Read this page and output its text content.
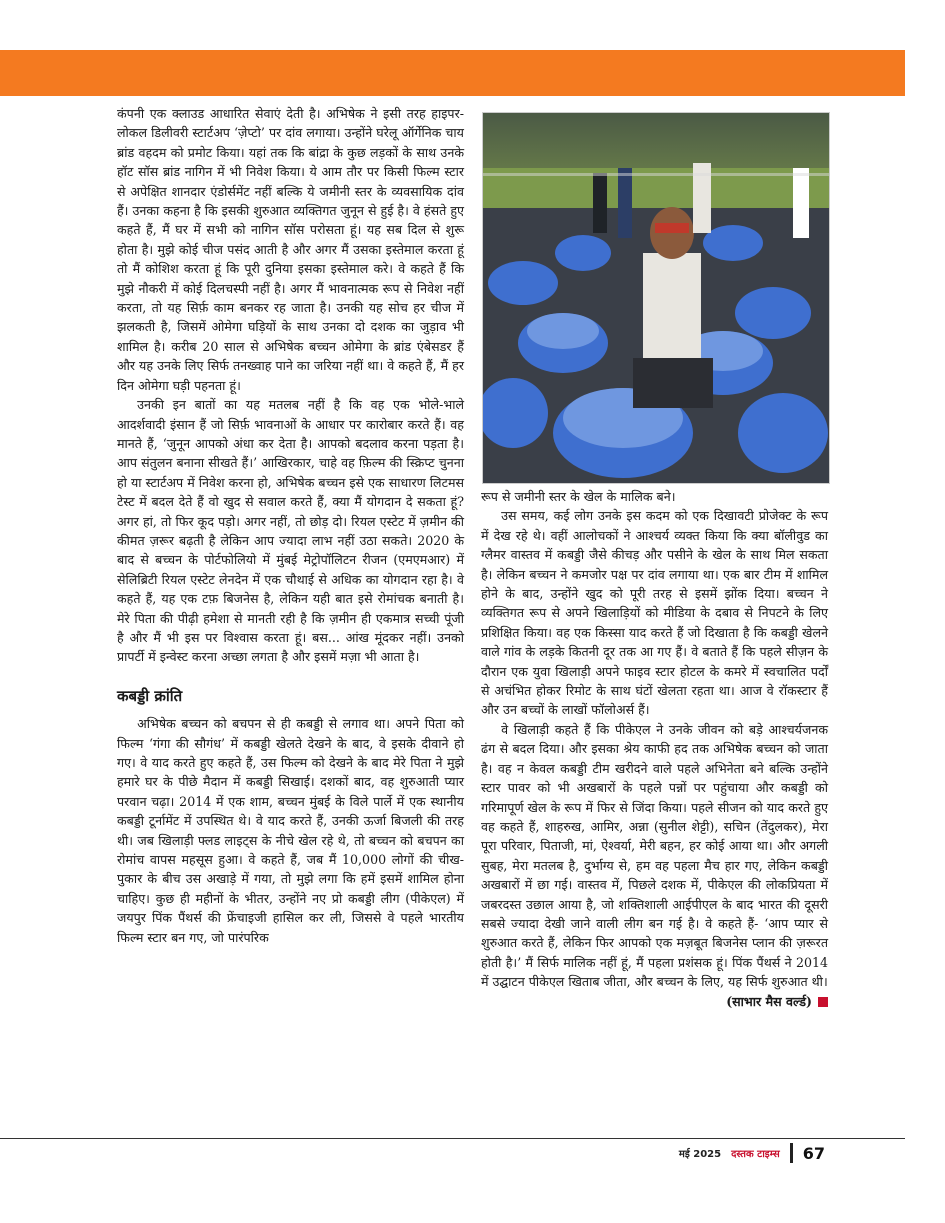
कंपनी एक क्लाउड आधारित सेवाएं देती है। अभिषेक ने इसी तरह हाइपर-लोकल डिलीवरी स्टार्टअप ‘ज़ेप्टो’ पर दांव लगाया। उन्होंने घरेलू ऑर्गेनिक चाय ब्रांड वहदम को प्रमोट किया। यहां तक कि बांद्रा के कुछ लड़कों के साथ उनके हॉट सॉस ब्रांड नागिन में भी निवेश किया। ये आम तौर पर किसी फिल्म स्टार से अपेक्षित शानदार एंडोर्समेंट नहीं बल्कि ये जमीनी स्तर के व्यवसायिक दांव हैं। उनका कहना है कि इसकी शुरुआत व्यक्तिगत जुनून से हुई है। वे हंसते हुए कहते हैं, मैं घर में सभी को नागिन सॉस परोसता हूं। यह सब दिल से शुरू होता है। मुझे कोई चीज पसंद आती है और अगर मैं उसका इस्तेमाल करता हूं तो मैं कोशिश करता हूं कि पूरी दुनिया इसका इस्तेमाल करे। वे कहते हैं कि मुझे नौकरी में कोई दिलचस्पी नहीं है। अगर मैं भावनात्मक रूप से निवेश नहीं करता, तो यह सिर्फ़ काम बनकर रह जाता है। उनकी यह सोच हर चीज में झलकती है, जिसमें ओमेगा घड़ियों के साथ उनका दो दशक का जुड़ाव भी शामिल है। करीब 20 साल से अभिषेक बच्चन ओमेगा के ब्रांड एंबेसडर हैं और यह उनके लिए सिर्फ तनख्वाह पाने का जरिया नहीं था। वे कहते हैं, मैं हर दिन ओमेगा घड़ी पहनता हूं।

उनकी इन बातों का यह मतलब नहीं है कि वह एक भोले-भाले आदर्शवादी इंसान हैं जो सिर्फ़ भावनाओं के आधार पर कारोबार करते हैं। वह मानते हैं, ‘जुनून आपको अंधा कर देता है। आपको बदलाव करना पड़ता है। आप संतुलन बनाना सीखते हैं।’ आखिरकार, चाहे वह फ़िल्म की स्क्रिप्ट चुनना हो या स्टार्टअप में निवेश करना हो, अभिषेक बच्चन इसे एक साधारण लिटमस टेस्ट में बदल देते हैं वो खुद से सवाल करते हैं, क्या मैं योगदान दे सकता हूं? अगर हां, तो फिर कूद पड़ो। अगर नहीं, तो छोड़ दो। रियल एस्टेट में ज़मीन की कीमत ज़रूर बढ़ती है लेकिन आप ज्यादा लाभ नहीं उठा सकते। 2020 के बाद से बच्चन के पोर्टफोलियो में मुंबई मेट्रोपॉलिटन रीजन (एमएमआर) में सेलिब्रिटी रियल एस्टेट लेनदेन में एक चौथाई से अधिक का योगदान रहा है। वे कहते हैं, यह एक टफ़ बिजनेस है, लेकिन यही बात इसे रोमांचक बनाती है। मेरे पिता की पीढ़ी हमेशा से मानती रही है कि ज़मीन ही एकमात्र सच्ची पूंजी है और मैं भी इस पर विश्वास करता हूं। बस... आंख मूंदकर नहीं। उनको प्रापर्टी में इन्वेस्ट करना अच्छा लगता है और इसमें मज़ा भी आता है।

कबड्डी क्रांति

अभिषेक बच्चन को बचपन से ही कबड्डी से लगाव था। अपने पिता को फिल्म ‘गंगा की सौगंध’ में कबड्डी खेलते देखने के बाद, वे इसके दीवाने हो गए। वे याद करते हुए कहते हैं, उस फिल्म को देखने के बाद मेरे पिता ने मुझे हमारे घर के पीछे मैदान में कबड्डी सिखाई। दशकों बाद, वह शुरुआती प्यार परवान चढ़ा। 2014 में एक शाम, बच्चन मुंबई के विले पार्ले में एक स्थानीय कबड्डी टूर्नामेंट में उपस्थित थे। वे याद करते हैं, उनकी ऊर्जा बिजली की तरह थी। जब खिलाड़ी फ्लड लाइट्स के नीचे खेल रहे थे, तो बच्चन को बचपन का रोमांच वापस महसूस हुआ। वे कहते हैं, जब मैं 10,000 लोगों की चीख-पुकार के बीच उस अखाड़े में गया, तो मुझे लगा कि हमें इसमें शामिल होना चाहिए। कुछ ही महीनों के भीतर, उन्होंने नए प्रो कबड्डी लीग (पीकेएल) में जयपुर पिंक पैंथर्स की फ्रेंचाइजी हासिल कर ली, जिससे वे पहले भारतीय फिल्म स्टार बन गए, जो पारंपरिक

रूप से जमीनी स्तर के खेल के मालिक बने।

उस समय, कई लोग उनके इस कदम को एक दिखावटी प्रोजेक्ट के रूप में देख रहे थे। वहीं आलोचकों ने आश्चर्य व्यक्त किया कि क्या बॉलीवुड का ग्लैमर वास्तव में कबड्डी जैसे कीचड़ और पसीने के खेल के साथ मिल सकता है। लेकिन बच्चन ने कमजोर पक्ष पर दांव लगाया था। एक बार टीम में शामिल होने के बाद, उन्होंने खुद को पूरी तरह से इसमें झोंक दिया। बच्चन ने व्यक्तिगत रूप से अपने खिलाड़ियों को मीडिया के दबाव से निपटने के लिए प्रशिक्षित किया। वह एक किस्सा याद करते हैं जो दिखाता है कि कबड्डी खेलने वाले गांव के लड़के कितनी दूर तक आ गए हैं। वे बताते हैं कि पहले सीज़न के दौरान एक युवा खिलाड़ी अपने फाइव स्टार होटल के कमरे में स्वचालित पर्दों से अचंभित होकर रिमोट के साथ घंटों खेलता रहता था। आज वे रॉकस्टार हैं और उन बच्चों के लाखों फॉलोअर्स हैं।

वे खिलाड़ी कहते हैं कि पीकेएल ने उनके जीवन को बड़े आश्चर्यजनक ढंग से बदल दिया। और इसका श्रेय काफी हद तक अभिषेक बच्चन को जाता है। वह न केवल कबड्डी टीम खरीदने वाले पहले अभिनेता बने बल्कि उन्होंने स्टार पावर को भी अखबारों के पहले पन्नों पर पहुंचाया और कबड्डी को गरिमापूर्ण खेल के रूप में फिर से जिंदा किया। पहले सीजन को याद करते हुए वह कहते हैं, शाहरुख, आमिर, अन्ना (सुनील शेट्टी), सचिन (तेंदुलकर), मेरा पूरा परिवार, पिताजी, मां, ऐश्वर्या, मेरी बहन, हर कोई आया था। और अगली सुबह, मेरा मतलब है, दुर्भाग्य से, हम वह पहला मैच हार गए, लेकिन कबड्डी अखबारों में छा गई। वास्तव में, पिछले दशक में, पीकेएल की लोकप्रियता में जबरदस्त उछाल आया है, जो शक्तिशाली आईपीएल के बाद भारत की दूसरी सबसे ज्यादा देखी जाने वाली लीग बन गई है। वे कहते हैं- ‘आप प्यार से शुरुआत करते हैं, लेकिन फिर आपको एक मज़बूत बिजनेस प्लान की ज़रूरत होती है।’ मैं सिर्फ मालिक नहीं हूं, मैं पहला प्रशंसक हूं। पिंक पैंथर्स ने 2014 में उद्घाटन पीकेएल खिताब जीता, और बच्चन के लिए, यह सिर्फ शुरुआत थी।

(साभार मैस वर्ल्ड)
मई 2025 दस्तक टाइम्स 67
